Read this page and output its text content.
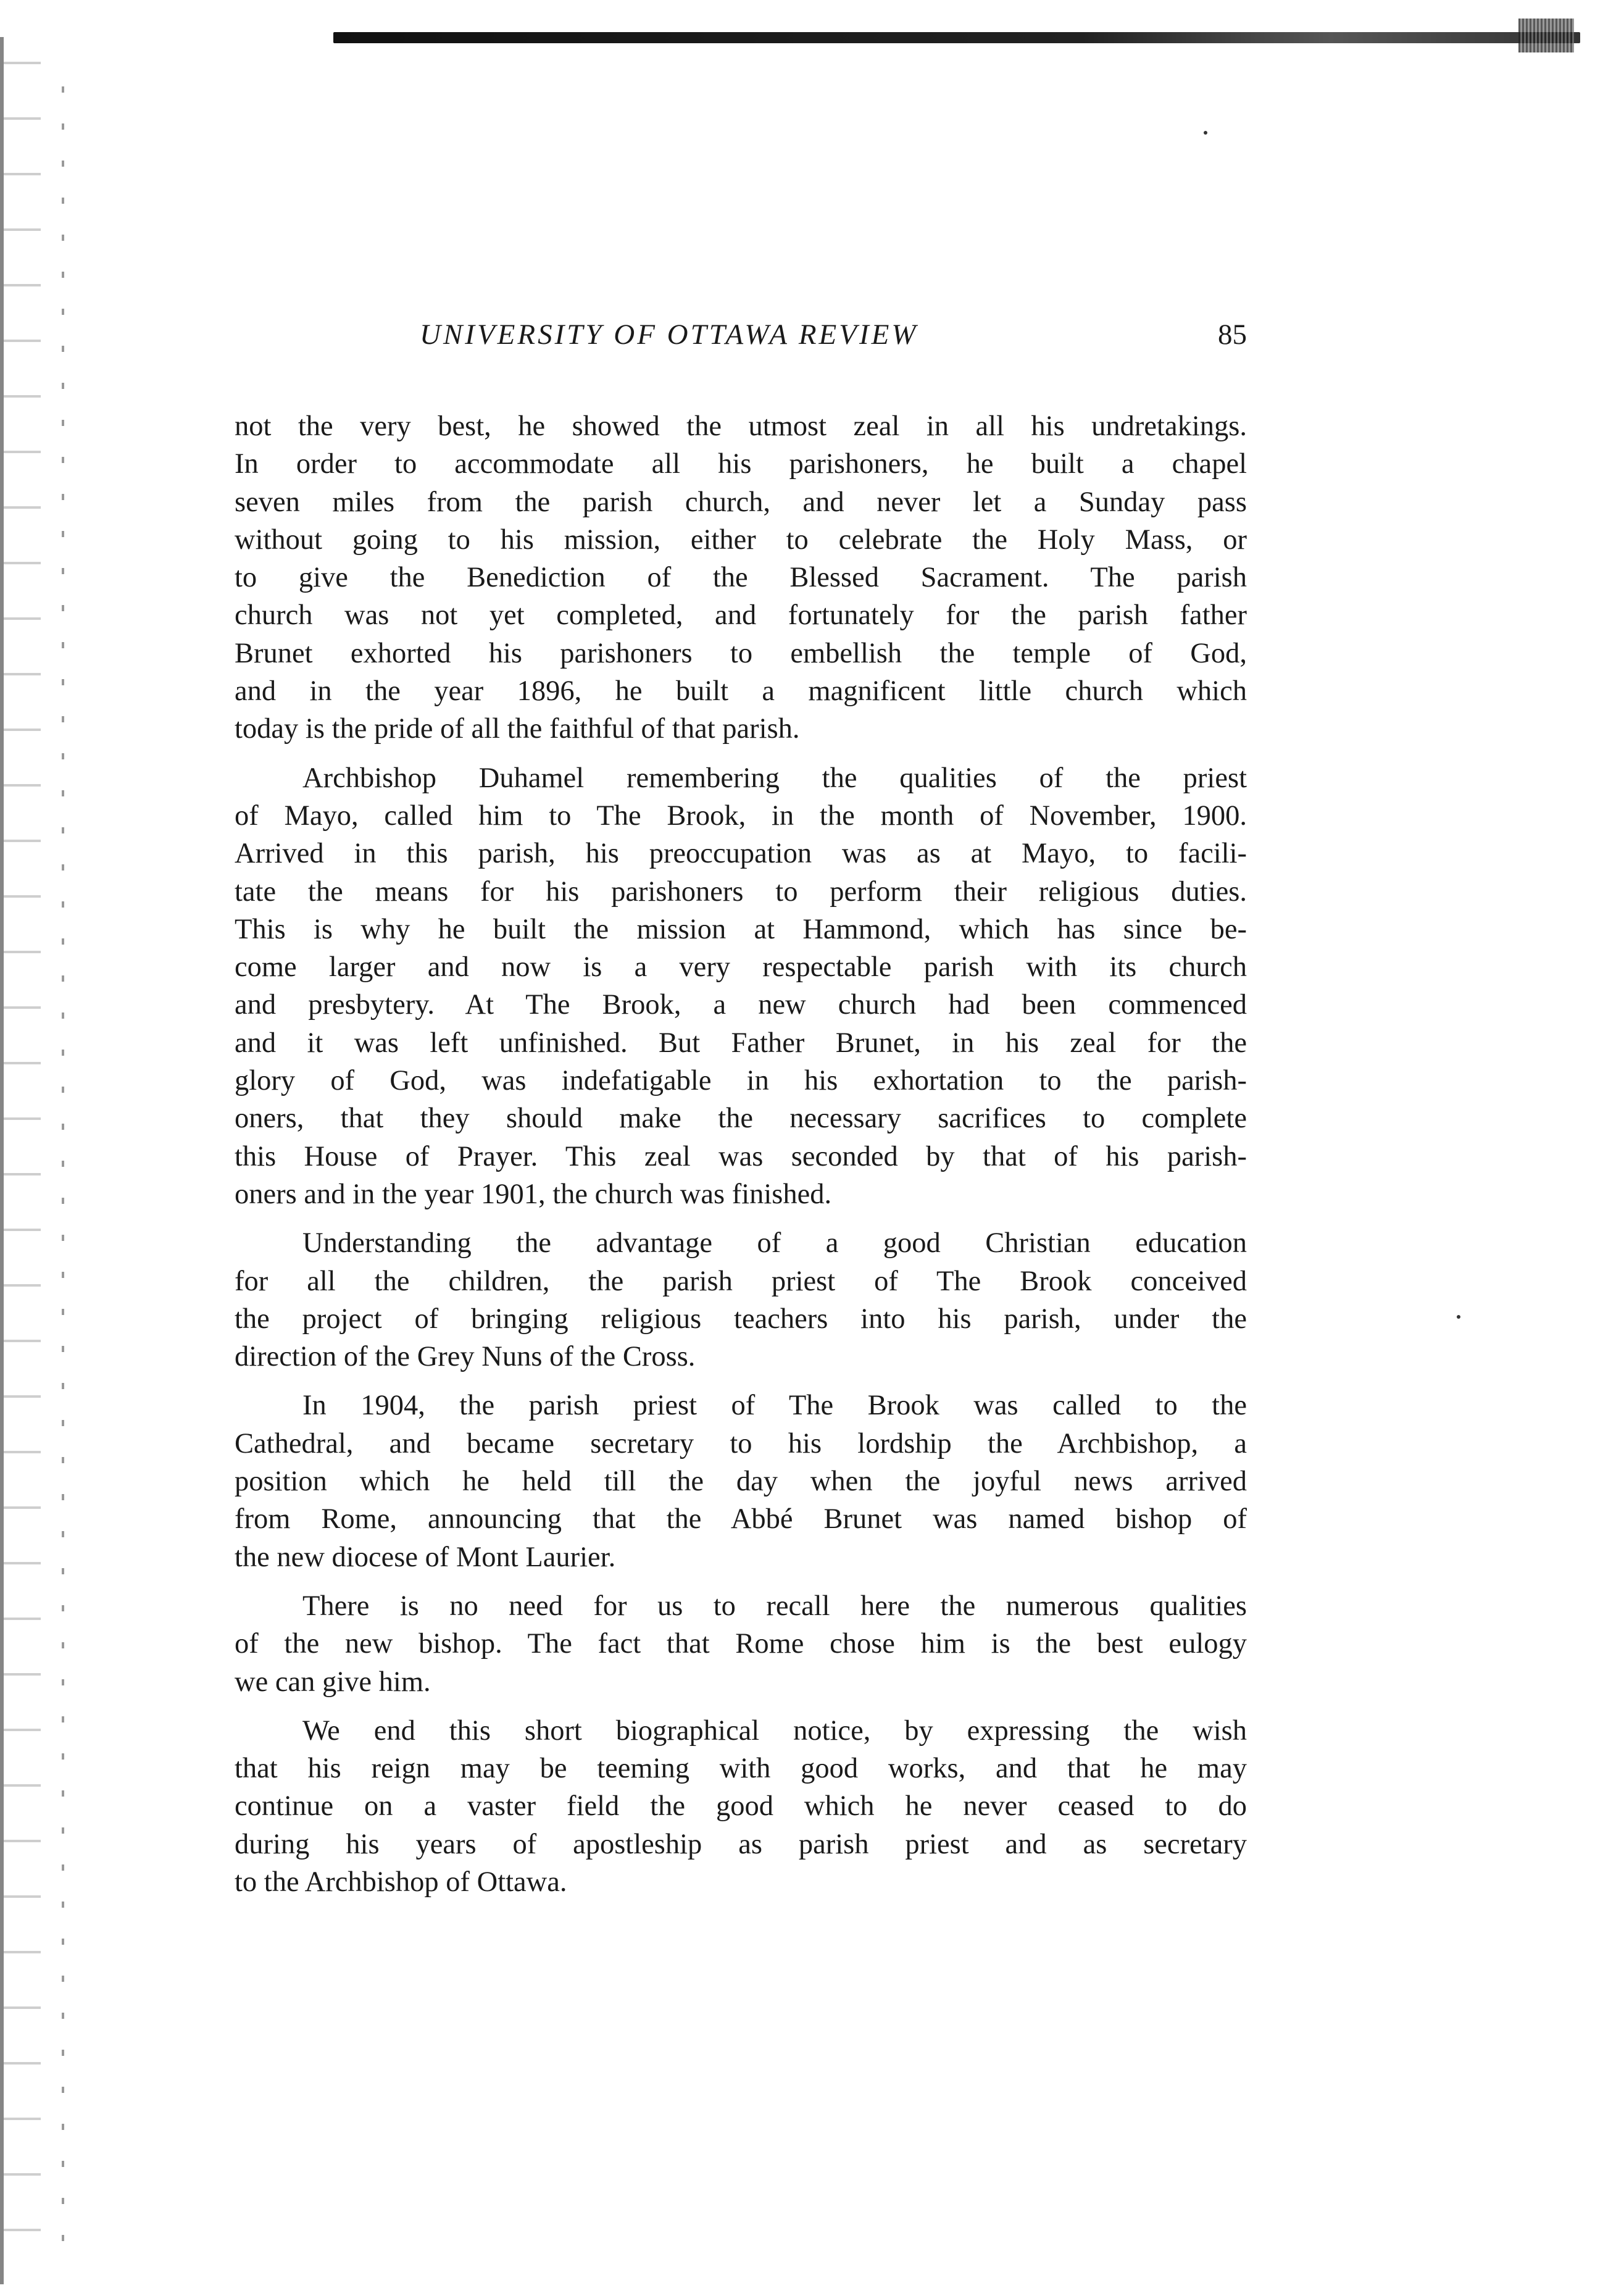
UNIVERSITY OF OTTAWA REVIEW	85
not the very best, he showed the utmost zeal in all his undretakings.
In order to accommodate all his parishoners, he built a chapel
seven miles from the parish church, and never let a Sunday pass
without going to his mission, either to celebrate the Holy Mass, or
to give the Benediction of the Blessed Sacrament. The parish
church was not yet completed, and fortunately for the parish father
Brunet exhorted his parishoners to embellish the temple of God,
and in the year 1896, he built a magnificent little church which
today is the pride of all the faithful of that parish.
Archbishop Duhamel remembering the qualities of the priest
of Mayo, called him to The Brook, in the month of November, 1900.
Arrived in this parish, his preoccupation was as at Mayo, to facili-
tate the means for his parishoners to perform their religious duties.
This is why he built the mission at Hammond, which has since be-
come larger and now is a very respectable parish with its church
and presbytery. At The Brook, a new church had been commenced
and it was left unfinished. But Father Brunet, in his zeal for the
glory of God, was indefatigable in his exhortation to the parish-
oners, that they should make the necessary sacrifices to complete
this House of Prayer. This zeal was seconded by that of his parish-
oners and in the year 1901, the church was finished.
Understanding the advantage of a good Christian education
for all the children, the parish priest of The Brook conceived
the project of bringing religious teachers into his parish, under the
direction of the Grey Nuns of the Cross.
In 1904, the parish priest of The Brook was called to the
Cathedral, and became secretary to his lordship the Archbishop, a
position which he held till the day when the joyful news arrived
from Rome, announcing that the Abbé Brunet was named bishop of
the new diocese of Mont Laurier.
There is no need for us to recall here the numerous qualities
of the new bishop. The fact that Rome chose him is the best eulogy
we can give him.
We end this short biographical notice, by expressing the wish
that his reign may be teeming with good works, and that he may
continue on a vaster field the good which he never ceased to do
during his years of apostleship as parish priest and as secretary
to the Archbishop of Ottawa.
